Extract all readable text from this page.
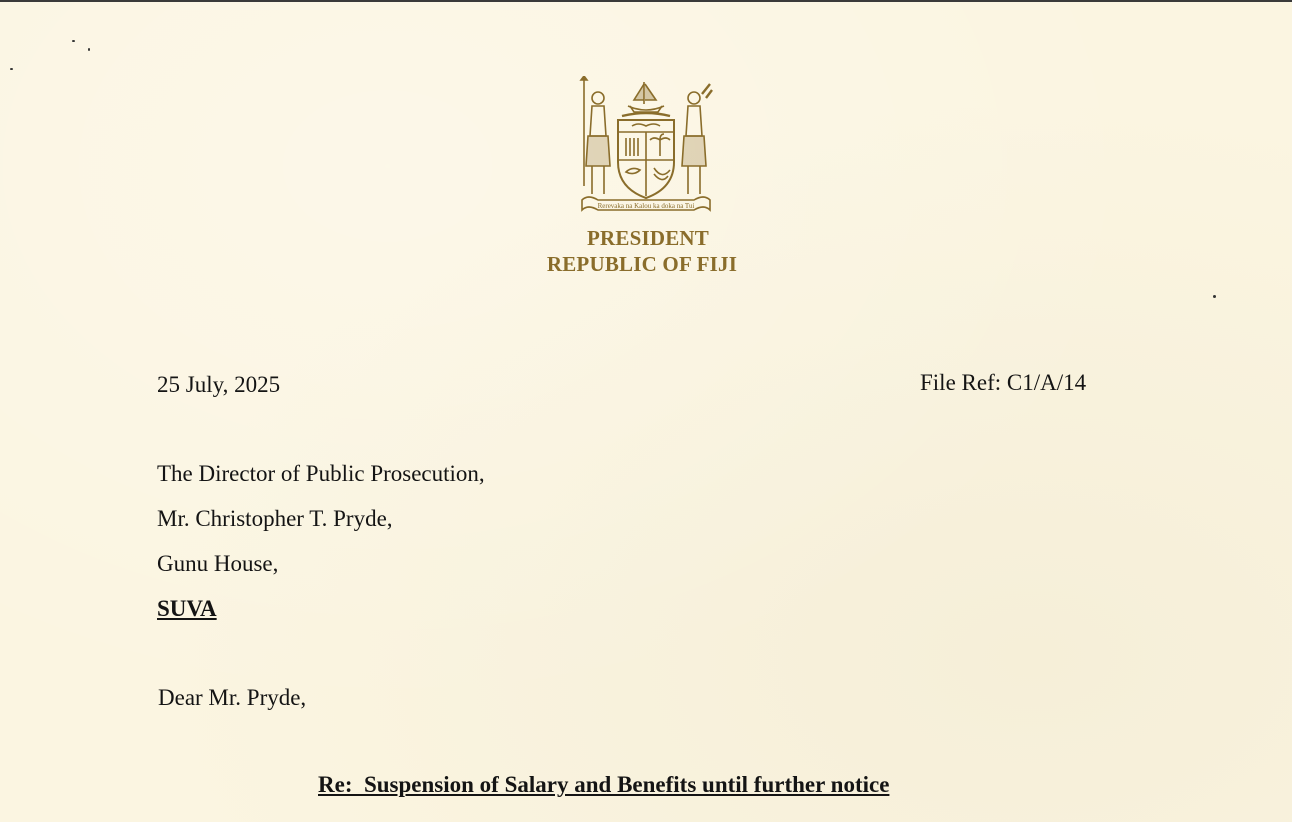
Rerevaka na Kalou ka doka na Tui
PRESIDENT
REPUBLIC OF FIJI
25 July, 2025	File Ref: C1/A/14
The Director of Public Prosecution,
Mr. Christopher T. Pryde,
Gunu House,
SUVA
Dear Mr. Pryde,
Re:  Suspension of Salary and Benefits until further notice
